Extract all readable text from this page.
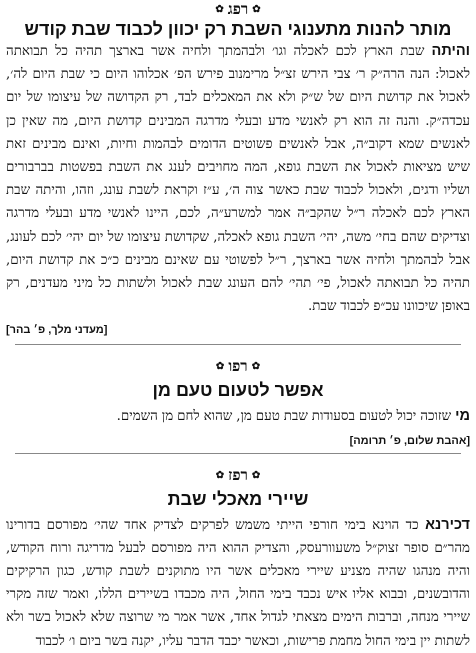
✿רפג✿
מותר להנות מתענוגי השבת רק יכוון לכבוד שבת קודש

והיתה שבת הארץ לכם לאכלה וגו׳ ולבהמתך ולחיה אשר בארצך תהיה כל תבואתה לאכול: הנה הרה״ק ר׳ צבי הירש זצ״ל מרימנוב פירש הפ׳ אכלוהו היום כי שבת היום לה׳, לאכול את קדושת היום של ש״ק ולא את המאכלים לבד, רק הקדושה של עיצומו של יום עכדה״ק. והנה זה הוא רק לאנשי מדע ובעלי מדרגה המבינים קדושת היום, מה שאין כן לאנשים שמא דקוב״ה, אבל לאנשים פשוטים הדומים לבהמות וחיות, ואינם מבינים זאת שיש מציאות לאכול את השבת גופא, המה מחויבים לענג את השבת בפשטות בברבורים ושליו ודגים, ולאכול לכבוד שבת כאשר צוה ה׳, ע״ז וקראת לשבת עונג, וזהו, והיתה שבת הארץ לכם לאכלה ר״ל שהקב״ה אמר למשרע״ה, לכם, היינו לאנשי מדע ובעלי מדרגה וצדיקים שהם בחי׳ משה, יהי׳ השבת גופא לאכלה, שקדושת עיצומו של יום יהי׳ לכם לעונג, אבל לבהמתך ולחיה אשר בארצך, ר״ל לפשוטי עם שאינם מבינים כ״כ את קדושת היום, תהיה כל תבואתה לאכול, פי׳ תהי׳ להם העונג שבת לאכול ולשתות כל מיני מעדנים, רק באופן שיכוונו עכ״פ לכבוד שבת.

[מעדני מלך, פ׳ בהר]
✿רפו✿
אפשר לטעום טעם מן

מי שזוכה יכול לטעום בסעודות שבת טעם מן, שהוא לחם מן השמים.

[אהבת שלום, פ׳ תרומה]
✿רפז✿
שיירי מאכלי שבת

דכירנא כד הוינא בימי חורפי הייתי משמש לפרקים לצדיק אחד שהי׳ מפורסם בדורינו מהר״ם סופר זצוק״ל משעוורעסק, והצדיק ההוא היה מפורסם לבעל מדריגה ורוח הקודש, והיה מנהגו שהיה מצניע שיירי מאכלים אשר היו מתוקנים לשבת קודש, כגון הרקיקים והדובשנים, ובבוא אליו איש נכבד בימי החול, היה מכבדו בשיירים הללו, ואמר שזה מקרי שיירי מנחה, וברבות הימים מצאתי לגדול אחד, אשר אמר מי שרוצה שלא לאכול בשר ולא לשתות יין בימי החול מחמת פרישות, וכאשר יכבד הדבר עליו, יקנה בשר ביום ו׳ לכבוד
